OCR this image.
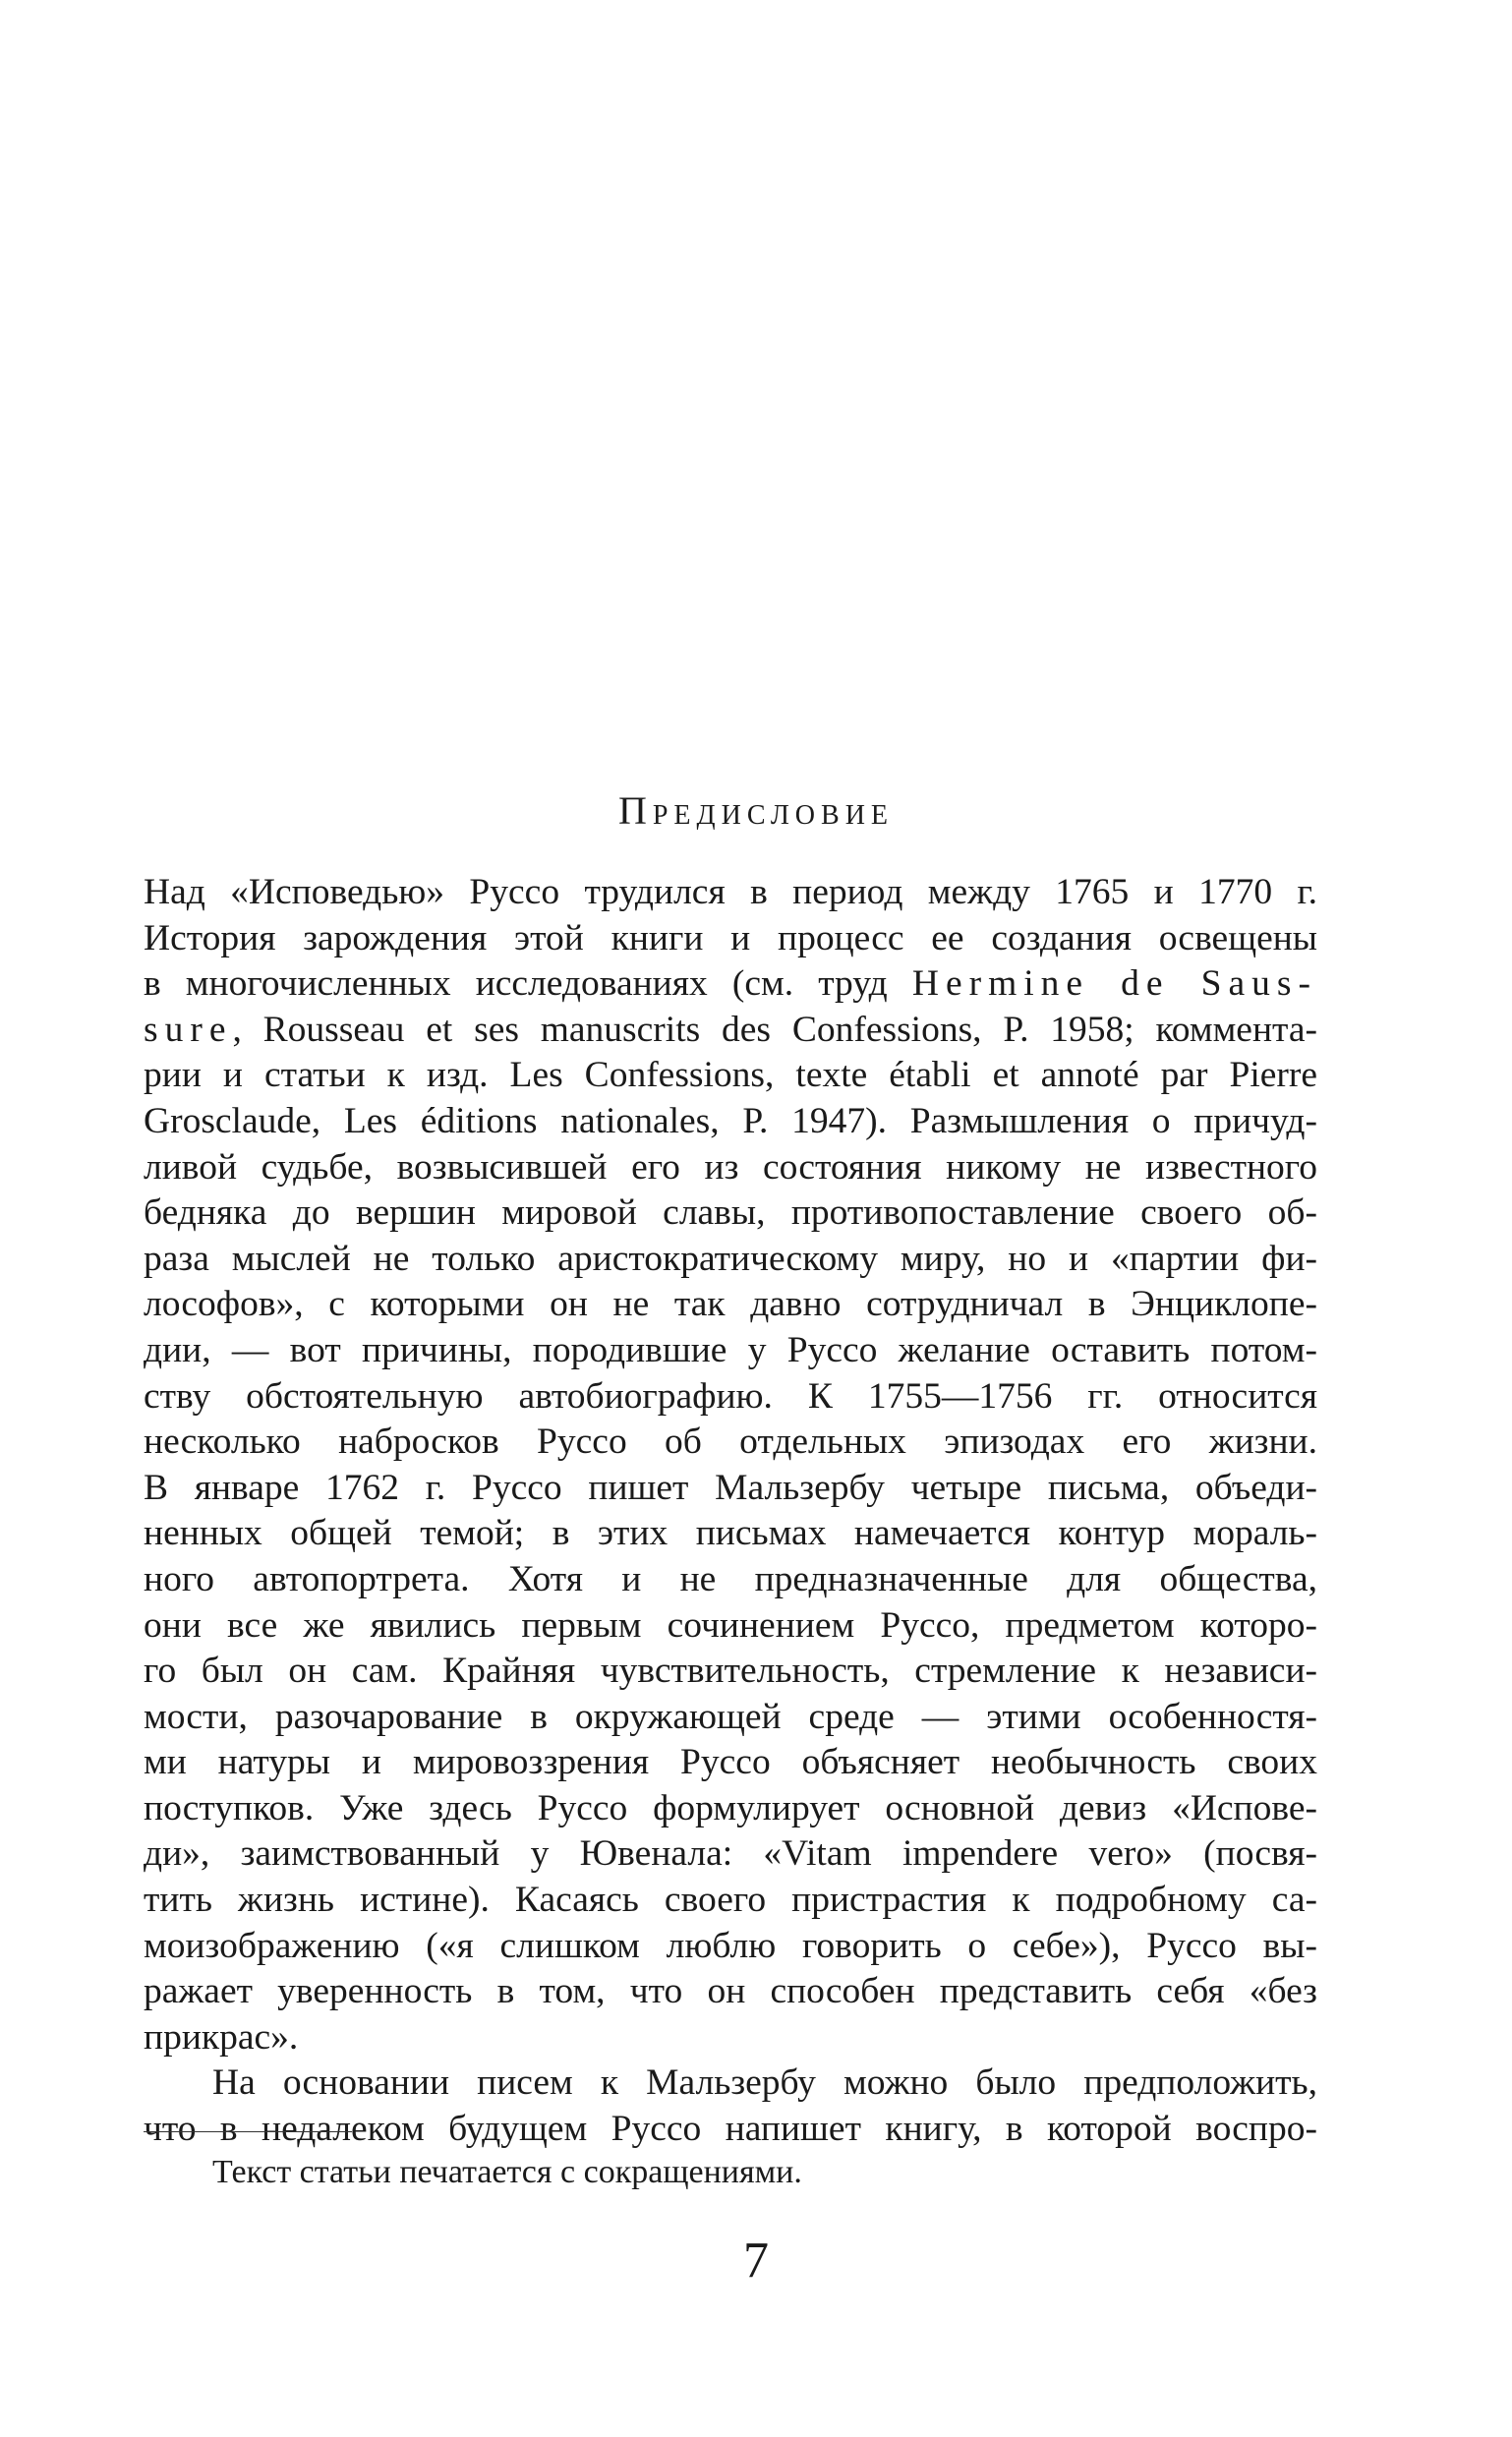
Предисловие
Над «Исповедью» Руссо трудился в период между 1765 и 1770 г.
История зарождения этой книги и процесс ее создания освещены
в многочисленных исследованиях (см. труд Hermine de Saus-
sure, Rousseau et ses manuscrits des Confessions, P. 1958; коммента-
рии и статьи к изд. Les Confessions, texte établi et annoté par Pierre
Grosclaude, Les éditions nationales, P. 1947). Размышления о причуд-
ливой судьбе, возвысившей его из состояния никому не известного
бедняка до вершин мировой славы, противопоставление своего об-
раза мыслей не только аристократическому миру, но и «партии фи-
лософов», с которыми он не так давно сотрудничал в Энциклопе-
дии, — вот причины, породившие у Руссо желание оставить потом-
ству обстоятельную автобиографию. К 1755—1756 гг. относится
несколько набросков Руссо об отдельных эпизодах его жизни.
В январе 1762 г. Руссо пишет Мальзербу четыре письма, объеди-
ненных общей темой; в этих письмах намечается контур мораль-
ного автопортрета. Хотя и не предназначенные для общества,
они все же явились первым сочинением Руссо, предметом которо-
го был он сам. Крайняя чувствительность, стремление к независи-
мости, разочарование в окружающей среде — этими особенностя-
ми натуры и мировоззрения Руссо объясняет необычность своих
поступков. Уже здесь Руссо формулирует основной девиз «Испове-
ди», заимствованный у Ювенала: «Vitam impendere vero» (посвя-
тить жизнь истине). Касаясь своего пристрастия к подробному са-
моизображению («я слишком люблю говорить о себе»), Руссо вы-
ражает уверенность в том, что он способен представить себя «без
прикрас».
На основании писем к Мальзербу можно было предположить,
что в недалеком будущем Руссо напишет книгу, в которой воспро-
Текст статьи печатается с сокращениями.
7
